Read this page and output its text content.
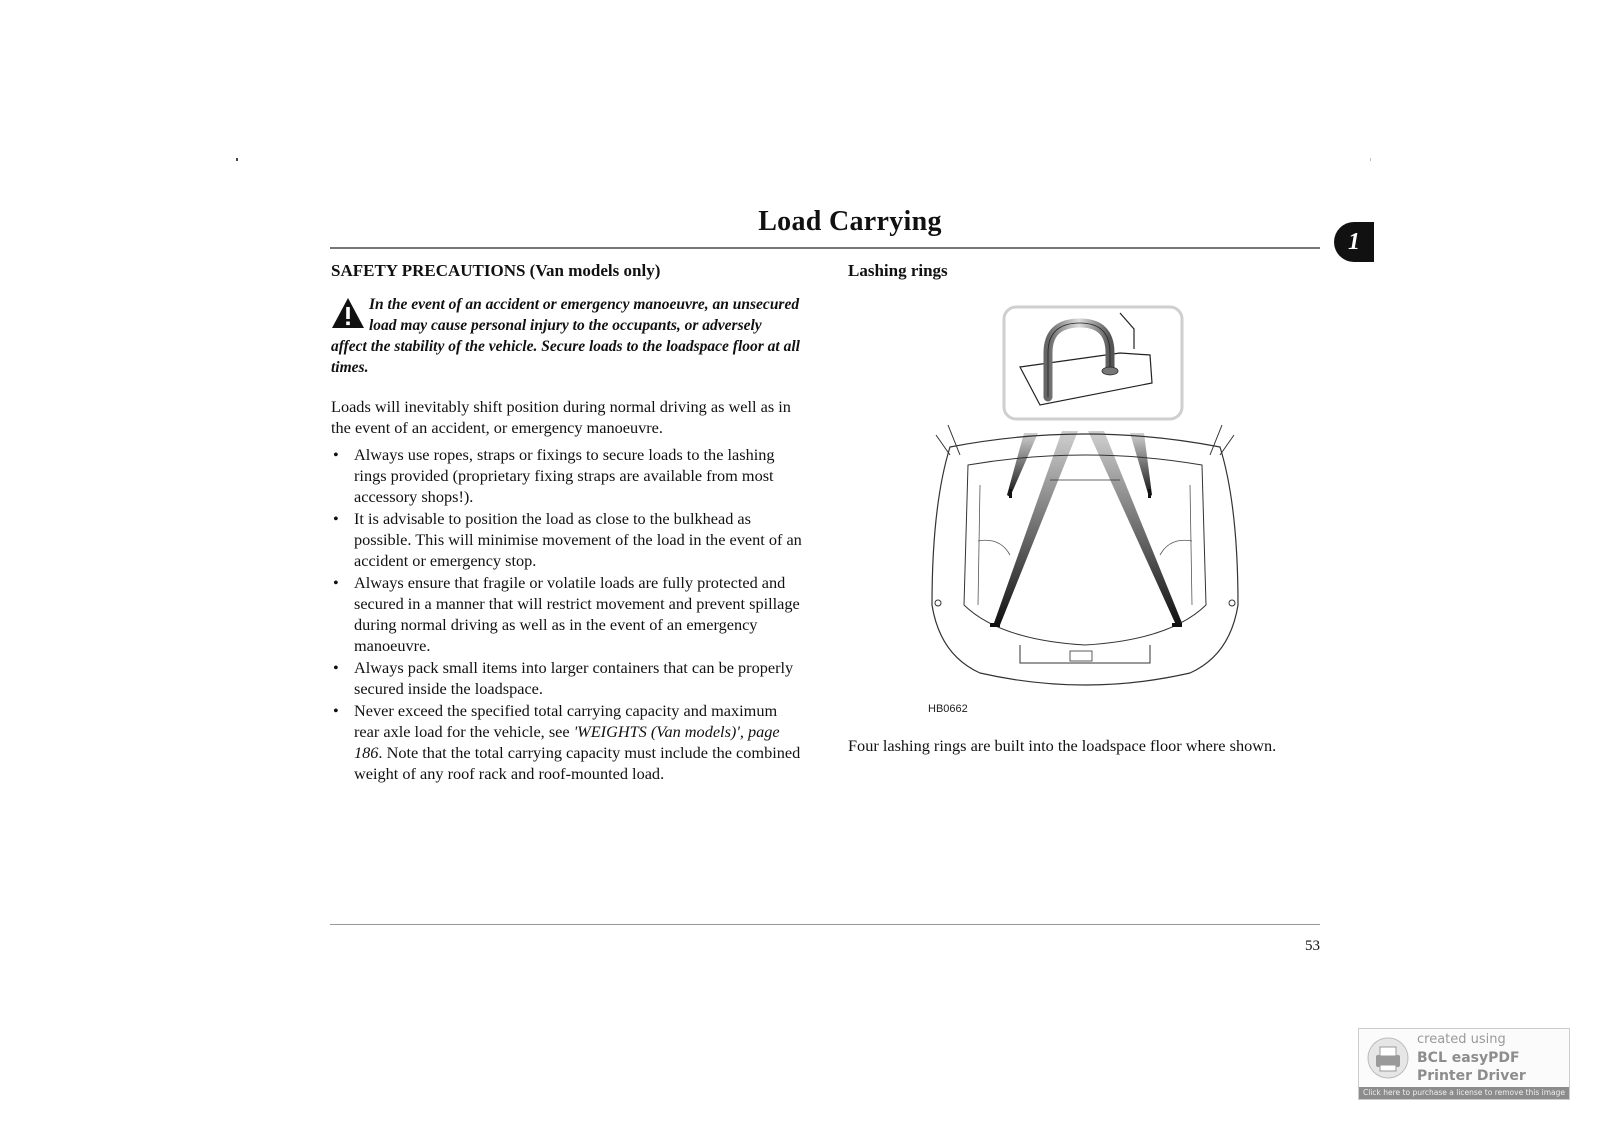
Load Carrying
1
SAFETY PRECAUTIONS (Van models only)
In the event of an accident or emergency manoeuvre, an unsecured load may cause personal injury to the occupants, or adversely affect the stability of the vehicle. Secure loads to the loadspace floor at all times.

Loads will inevitably shift position during normal driving as well as in the event of an accident, or emergency manoeuvre.

• Always use ropes, straps or fixings to secure loads to the lashing rings provided (proprietary fixing straps are available from most accessory shops!).
• It is advisable to position the load as close to the bulkhead as possible. This will minimise movement of the load in the event of an accident or emergency stop.
• Always ensure that fragile or volatile loads are fully protected and secured in a manner that will restrict movement and prevent spillage during normal driving as well as in the event of an emergency manoeuvre.
• Always pack small items into larger containers that can be properly secured inside the loadspace.
• Never exceed the specified total carrying capacity and maximum rear axle load for the vehicle, see 'WEIGHTS (Van models)', page 186. Note that the total carrying capacity must include the combined weight of any roof rack and roof-mounted load.
Lashing rings
HB0662
Four lashing rings are built into the loadspace floor where shown.
53
created using
BCL easyPDF
Printer Driver
Click here to purchase a license to remove this image
